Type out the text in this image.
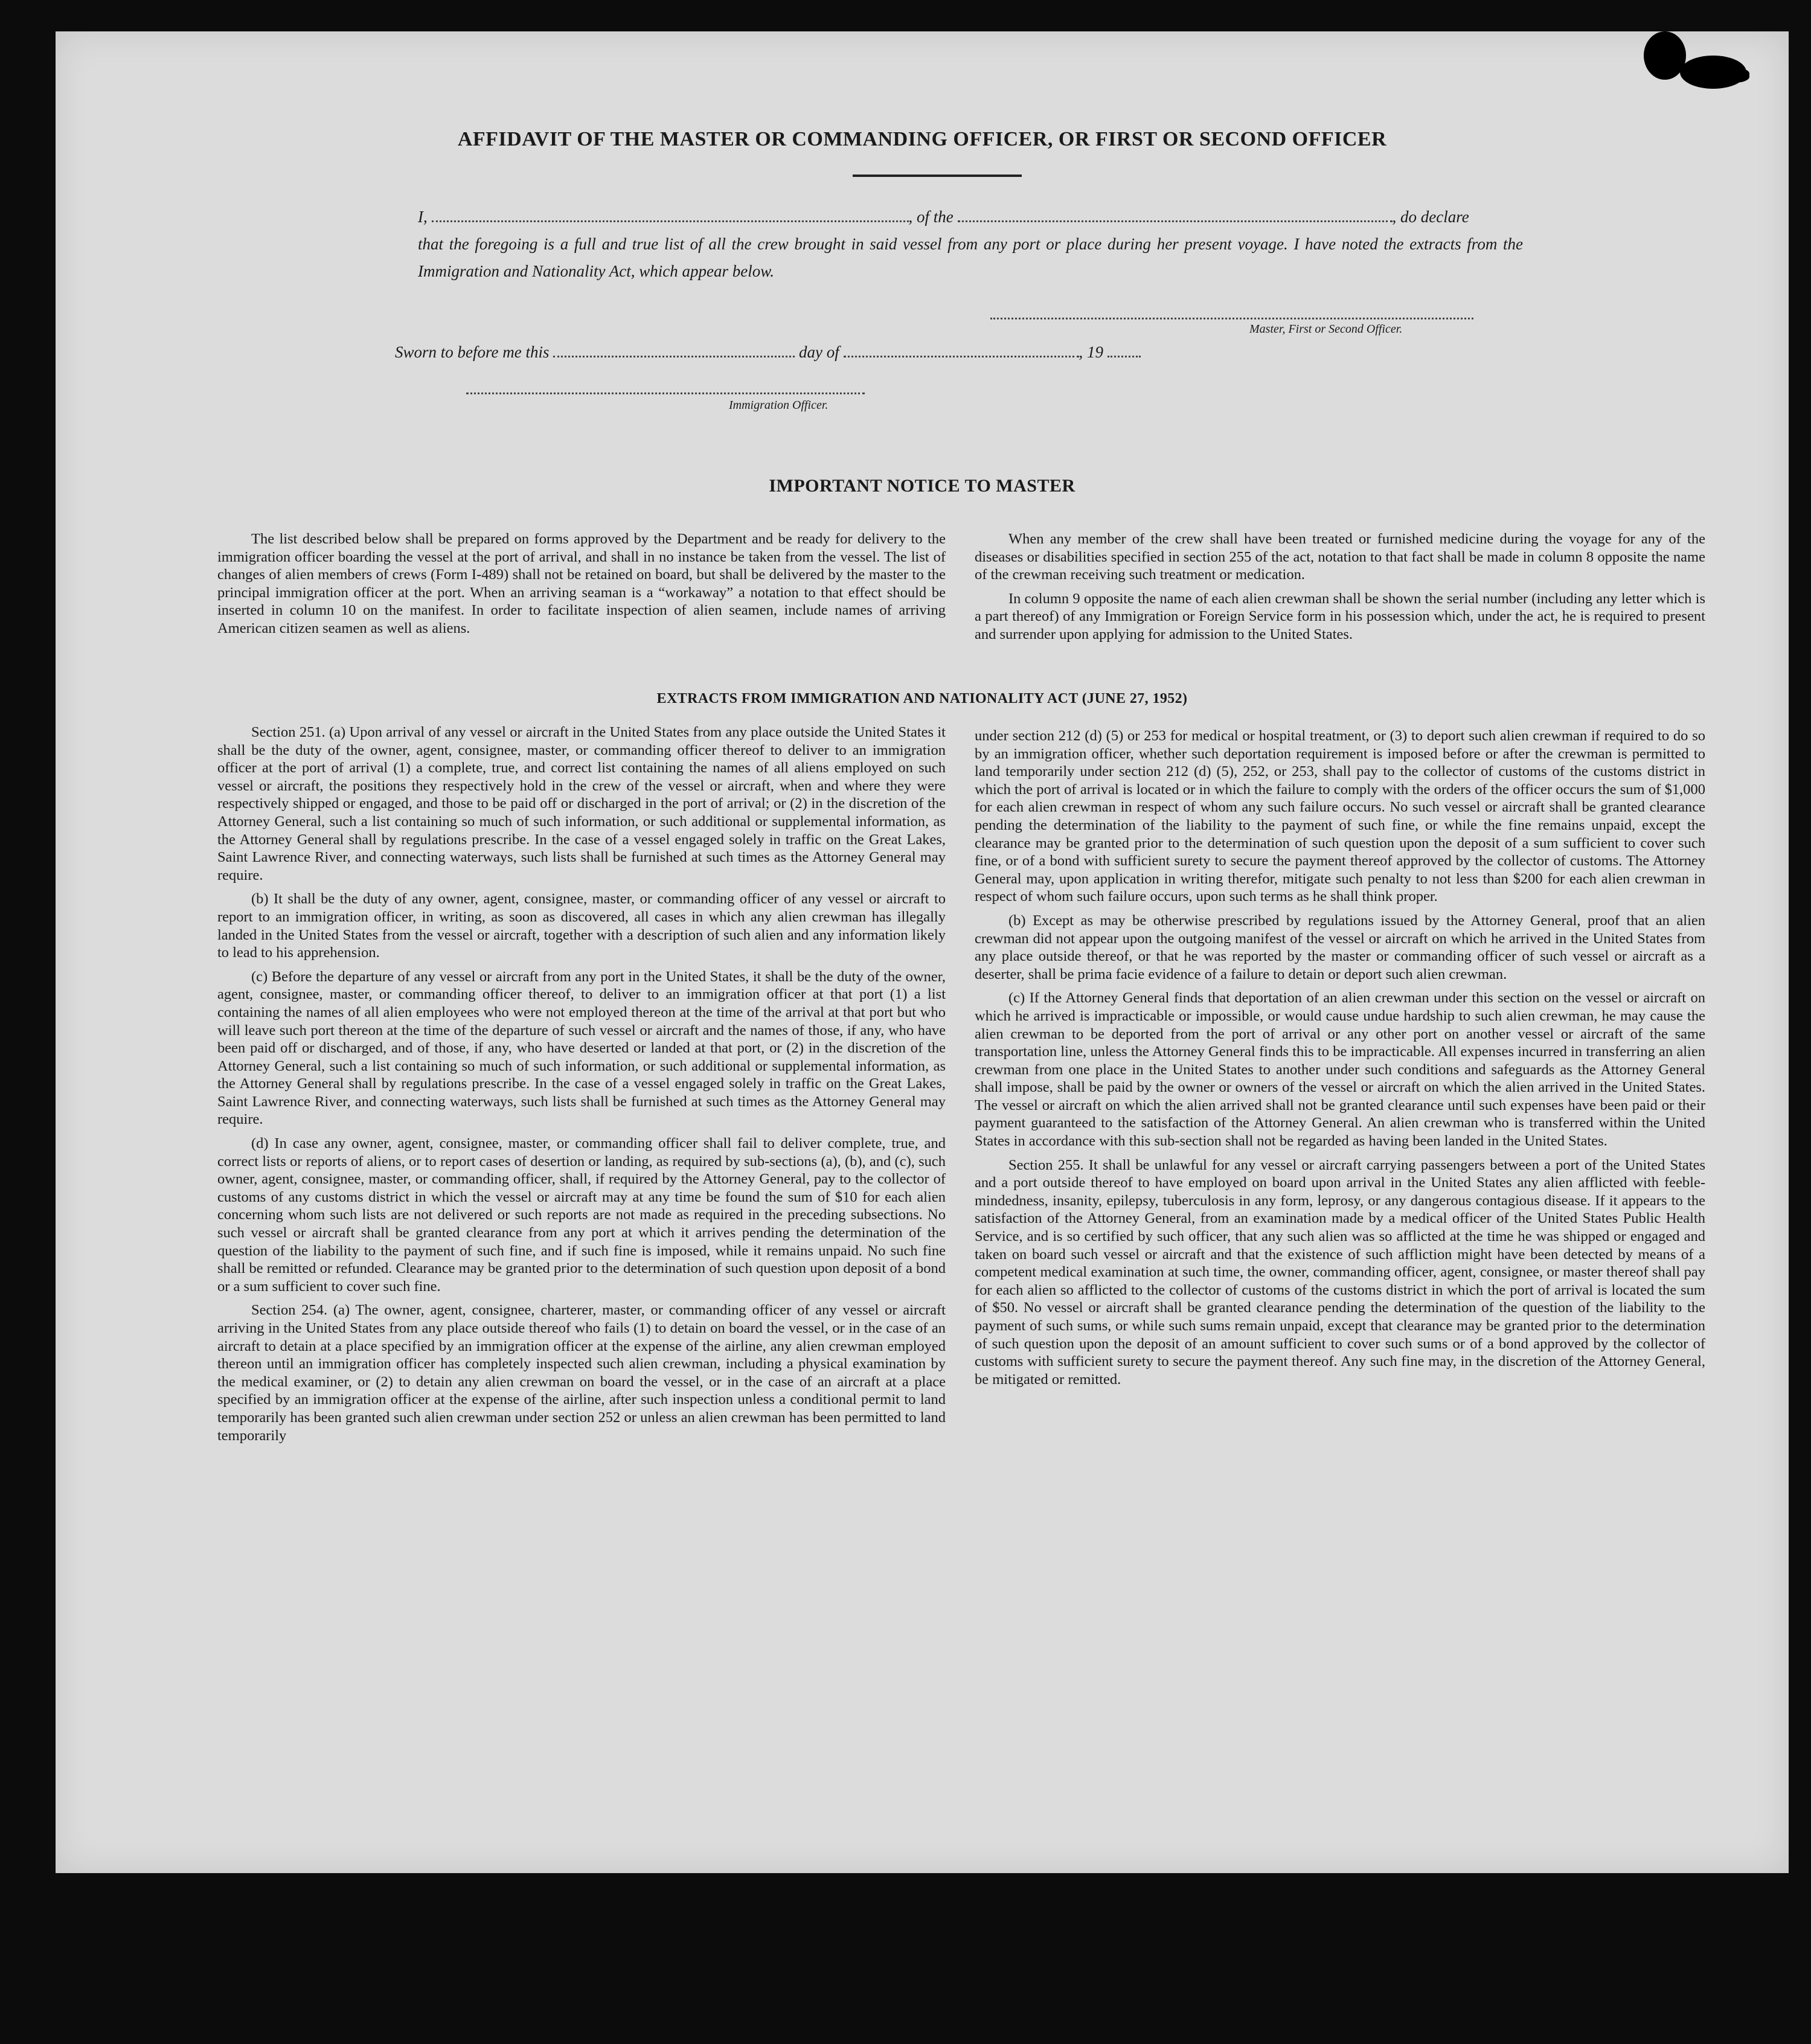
AFFIDAVIT OF THE MASTER OR COMMANDING OFFICER, OR FIRST OR SECOND OFFICER
I,	, of the	, do declare
that the foregoing is a full and true list of all the crew brought in said vessel from any port or place during her present voyage. I have noted the extracts from the Immigration and Nationality Act, which appear below.
Master, First or Second Officer.
Sworn to before me this	day of	, 19
Immigration Officer.
IMPORTANT NOTICE TO MASTER

The list described below shall be prepared on forms approved by the Department and be ready for delivery to the immigration officer boarding the vessel at the port of arrival, and shall in no instance be taken from the vessel. The list of changes of alien members of crews (Form I-489) shall not be retained on board, but shall be delivered by the master to the principal immigration officer at the port. When an arriving seaman is a “workaway” a notation to that effect should be inserted in column 10 on the manifest. In order to facilitate inspection of alien seamen, include names of arriving American citizen seamen as well as aliens.

When any member of the crew shall have been treated or furnished medicine during the voyage for any of the diseases or disabilities specified in section 255 of the act, notation to that fact shall be made in column 8 opposite the name of the crewman receiving such treatment or medication.

In column 9 opposite the name of each alien crewman shall be shown the serial number (including any letter which is a part thereof) of any Immigration or Foreign Service form in his possession which, under the act, he is required to present and surrender upon applying for admission to the United States.

EXTRACTS FROM IMMIGRATION AND NATIONALITY ACT (JUNE 27, 1952)

Section 251. (a) Upon arrival of any vessel or aircraft in the United States from any place outside the United States it shall be the duty of the owner, agent, consignee, master, or commanding officer thereof to deliver to an immigration officer at the port of arrival (1) a complete, true, and correct list containing the names of all aliens employed on such vessel or aircraft, the positions they respectively hold in the crew of the vessel or aircraft, when and where they were respectively shipped or engaged, and those to be paid off or discharged in the port of arrival; or (2) in the discretion of the Attorney General, such a list containing so much of such information, or such additional or supplemental information, as the Attorney General shall by regulations prescribe. In the case of a vessel engaged solely in traffic on the Great Lakes, Saint Lawrence River, and connecting waterways, such lists shall be furnished at such times as the Attorney General may require.

(b) It shall be the duty of any owner, agent, consignee, master, or commanding officer of any vessel or aircraft to report to an immigration officer, in writing, as soon as discovered, all cases in which any alien crewman has illegally landed in the United States from the vessel or aircraft, together with a description of such alien and any information likely to lead to his apprehension.

(c) Before the departure of any vessel or aircraft from any port in the United States, it shall be the duty of the owner, agent, consignee, master, or commanding officer thereof, to deliver to an immigration officer at that port (1) a list containing the names of all alien employees who were not employed thereon at the time of the arrival at that port but who will leave such port thereon at the time of the departure of such vessel or aircraft and the names of those, if any, who have been paid off or discharged, and of those, if any, who have deserted or landed at that port, or (2) in the discretion of the Attorney General, such a list containing so much of such information, or such additional or supplemental information, as the Attorney General shall by regulations prescribe. In the case of a vessel engaged solely in traffic on the Great Lakes, Saint Lawrence River, and connecting waterways, such lists shall be furnished at such times as the Attorney General may require.

(d) In case any owner, agent, consignee, master, or commanding officer shall fail to deliver complete, true, and correct lists or reports of aliens, or to report cases of desertion or landing, as required by sub-sections (a), (b), and (c), such owner, agent, consignee, master, or commanding officer, shall, if required by the Attorney General, pay to the collector of customs of any customs district in which the vessel or aircraft may at any time be found the sum of $10 for each alien concerning whom such lists are not delivered or such reports are not made as required in the preceding subsections. No such vessel or aircraft shall be granted clearance from any port at which it arrives pending the determination of the question of the liability to the payment of such fine, and if such fine is imposed, while it remains unpaid. No such fine shall be remitted or refunded. Clearance may be granted prior to the determination of such question upon deposit of a bond or a sum sufficient to cover such fine.

Section 254. (a) The owner, agent, consignee, charterer, master, or commanding officer of any vessel or aircraft arriving in the United States from any place outside thereof who fails (1) to detain on board the vessel, or in the case of an aircraft to detain at a place specified by an immigration officer at the expense of the airline, any alien crewman employed thereon until an immigration officer has completely inspected such alien crewman, including a physical examination by the medical examiner, or (2) to detain any alien crewman on board the vessel, or in the case of an aircraft at a place specified by an immigration officer at the expense of the airline, after such inspection unless a conditional permit to land temporarily has been granted such alien crewman under section 252 or unless an alien crewman has been permitted to land temporarily

under section 212 (d) (5) or 253 for medical or hospital treatment, or (3) to deport such alien crewman if required to do so by an immigration officer, whether such deportation requirement is imposed before or after the crewman is permitted to land temporarily under section 212 (d) (5), 252, or 253, shall pay to the collector of customs of the customs district in which the port of arrival is located or in which the failure to comply with the orders of the officer occurs the sum of $1,000 for each alien crewman in respect of whom any such failure occurs. No such vessel or aircraft shall be granted clearance pending the determination of the liability to the payment of such fine, or while the fine remains unpaid, except the clearance may be granted prior to the determination of such question upon the deposit of a sum sufficient to cover such fine, or of a bond with sufficient surety to secure the payment thereof approved by the collector of customs. The Attorney General may, upon application in writing therefor, mitigate such penalty to not less than $200 for each alien crewman in respect of whom such failure occurs, upon such terms as he shall think proper.

(b) Except as may be otherwise prescribed by regulations issued by the Attorney General, proof that an alien crewman did not appear upon the outgoing manifest of the vessel or aircraft on which he arrived in the United States from any place outside thereof, or that he was reported by the master or commanding officer of such vessel or aircraft as a deserter, shall be prima facie evidence of a failure to detain or deport such alien crewman.

(c) If the Attorney General finds that deportation of an alien crewman under this section on the vessel or aircraft on which he arrived is impracticable or impossible, or would cause undue hardship to such alien crewman, he may cause the alien crewman to be deported from the port of arrival or any other port on another vessel or aircraft of the same transportation line, unless the Attorney General finds this to be impracticable. All expenses incurred in transferring an alien crewman from one place in the United States to another under such conditions and safeguards as the Attorney General shall impose, shall be paid by the owner or owners of the vessel or aircraft on which the alien arrived in the United States. The vessel or aircraft on which the alien arrived shall not be granted clearance until such expenses have been paid or their payment guaranteed to the satisfaction of the Attorney General. An alien crewman who is transferred within the United States in accordance with this sub-section shall not be regarded as having been landed in the United States.

Section 255. It shall be unlawful for any vessel or aircraft carrying passengers between a port of the United States and a port outside thereof to have employed on board upon arrival in the United States any alien afflicted with feeble-mindedness, insanity, epilepsy, tuberculosis in any form, leprosy, or any dangerous contagious disease. If it appears to the satisfaction of the Attorney General, from an examination made by a medical officer of the United States Public Health Service, and is so certified by such officer, that any such alien was so afflicted at the time he was shipped or engaged and taken on board such vessel or aircraft and that the existence of such affliction might have been detected by means of a competent medical examination at such time, the owner, commanding officer, agent, consignee, or master thereof shall pay for each alien so afflicted to the collector of customs of the customs district in which the port of arrival is located the sum of $50. No vessel or aircraft shall be granted clearance pending the determination of the question of the liability to the payment of such sums, or while such sums remain unpaid, except that clearance may be granted prior to the determination of such question upon the deposit of an amount sufficient to cover such sums or of a bond approved by the collector of customs with sufficient surety to secure the payment thereof. Any such fine may, in the discretion of the Attorney General, be mitigated or remitted.
